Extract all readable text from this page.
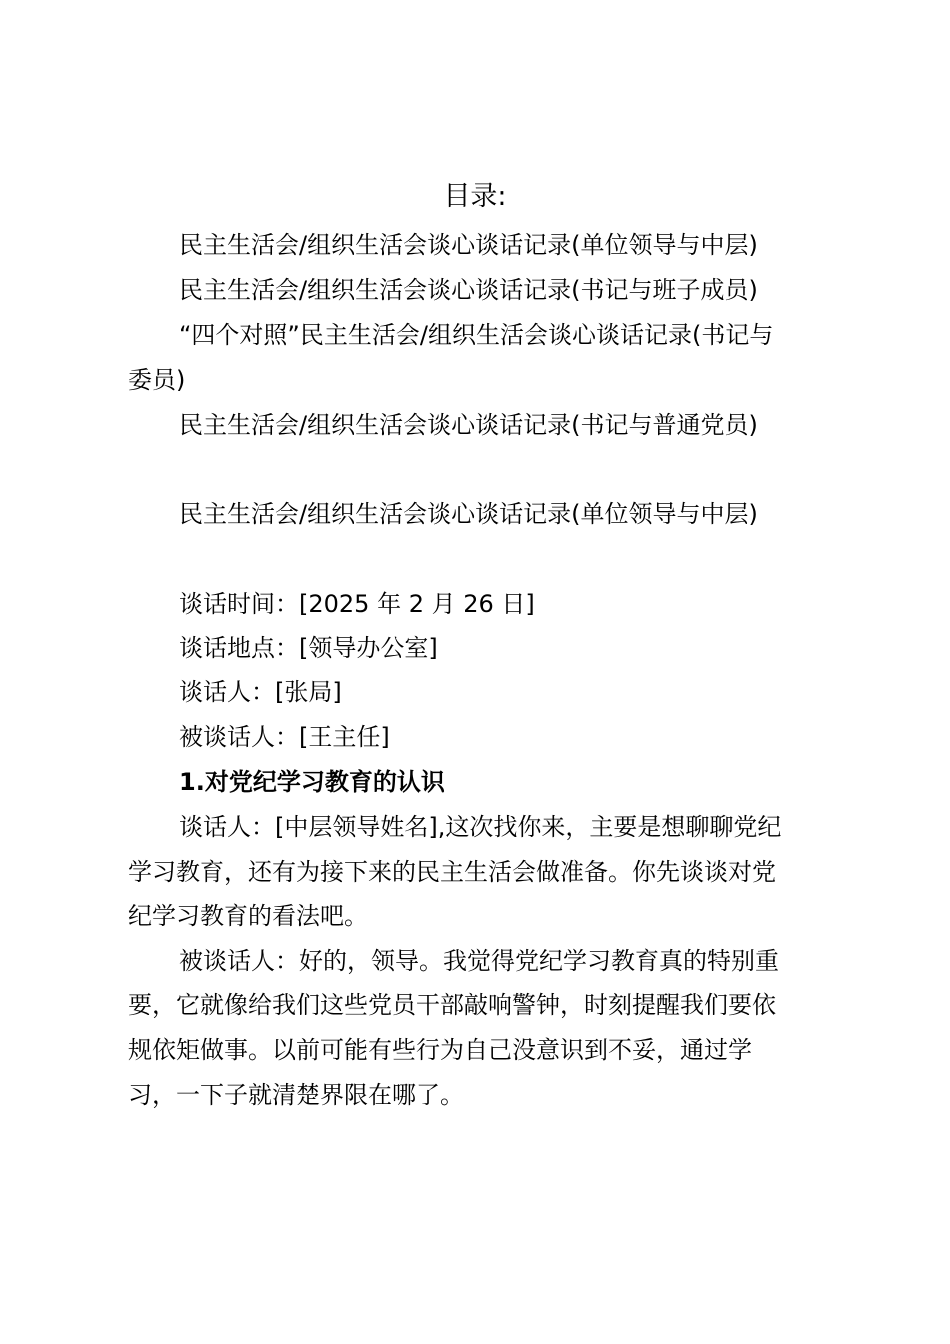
目录:
民主生活会/组织生活会谈心谈话记录(单位领导与中层)
民主生活会/组织生活会谈心谈话记录(书记与班子成员)
“四个对照”民主生活会/组织生活会谈心谈话记录(书记与
委员)
民主生活会/组织生活会谈心谈话记录(书记与普通党员)
民主生活会/组织生活会谈心谈话记录(单位领导与中层)
谈话时间：[2025 年 2 月 26 日]
谈话地点：[领导办公室]
谈话人：[张局]
被谈话人：[王主任]
1.对党纪学习教育的认识
谈话人：[中层领导姓名],这次找你来，主要是想聊聊党纪
学习教育，还有为接下来的民主生活会做准备。你先谈谈对党
纪学习教育的看法吧。
被谈话人：好的，领导。我觉得党纪学习教育真的特别重
要，它就像给我们这些党员干部敲响警钟，时刻提醒我们要依
规依矩做事。以前可能有些行为自己没意识到不妥，通过学
习，一下子就清楚界限在哪了。
